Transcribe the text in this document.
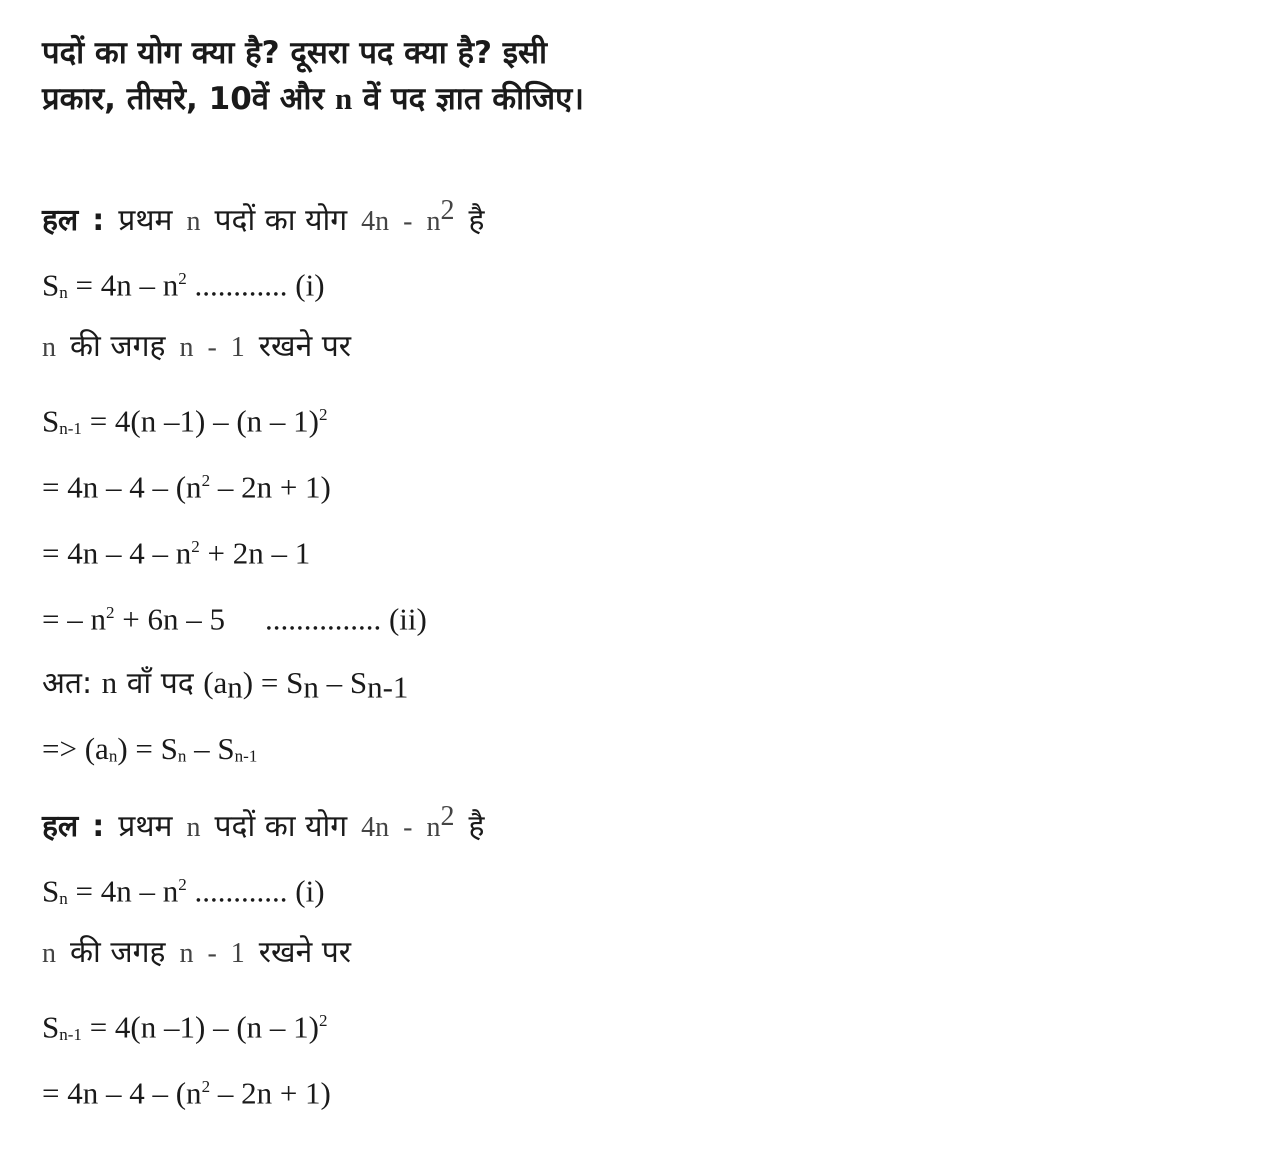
पदों का योग क्या है? दूसरा पद क्या है? इसी
प्रकार, तीसरे, 10वें और n वें पद ज्ञात कीजिए।
हल : प्रथम n पदों का योग $4n - n^2$ है
$S_n = 4n - n^2$ ............ (i)
n की जगह n  -  1 रखने पर
$S_{n-1} = 4(n$ –1) – (n – 1)$^2$
= $4n - 4 - (n^2 - 2n + 1)$
= $4n - 4 - n^2 + 2n - 1$
= – $n^2 + 6n - 5$ ............... (ii)
अत: n वाँ पद $(a_n) = S_n - S_{n-1}$
=> $(a_n) = S_n - S_{n-1}$
हल : प्रथम n पदों का योग $4n - n^2$ है
$S_n = 4n - n^2$ ............ (i)
n की जगह n  -  1 रखने पर
$S_{n-1} = 4(n$ –1) – (n – 1)$^2$
= $4n - 4 - (n^2 - 2n + 1)$
